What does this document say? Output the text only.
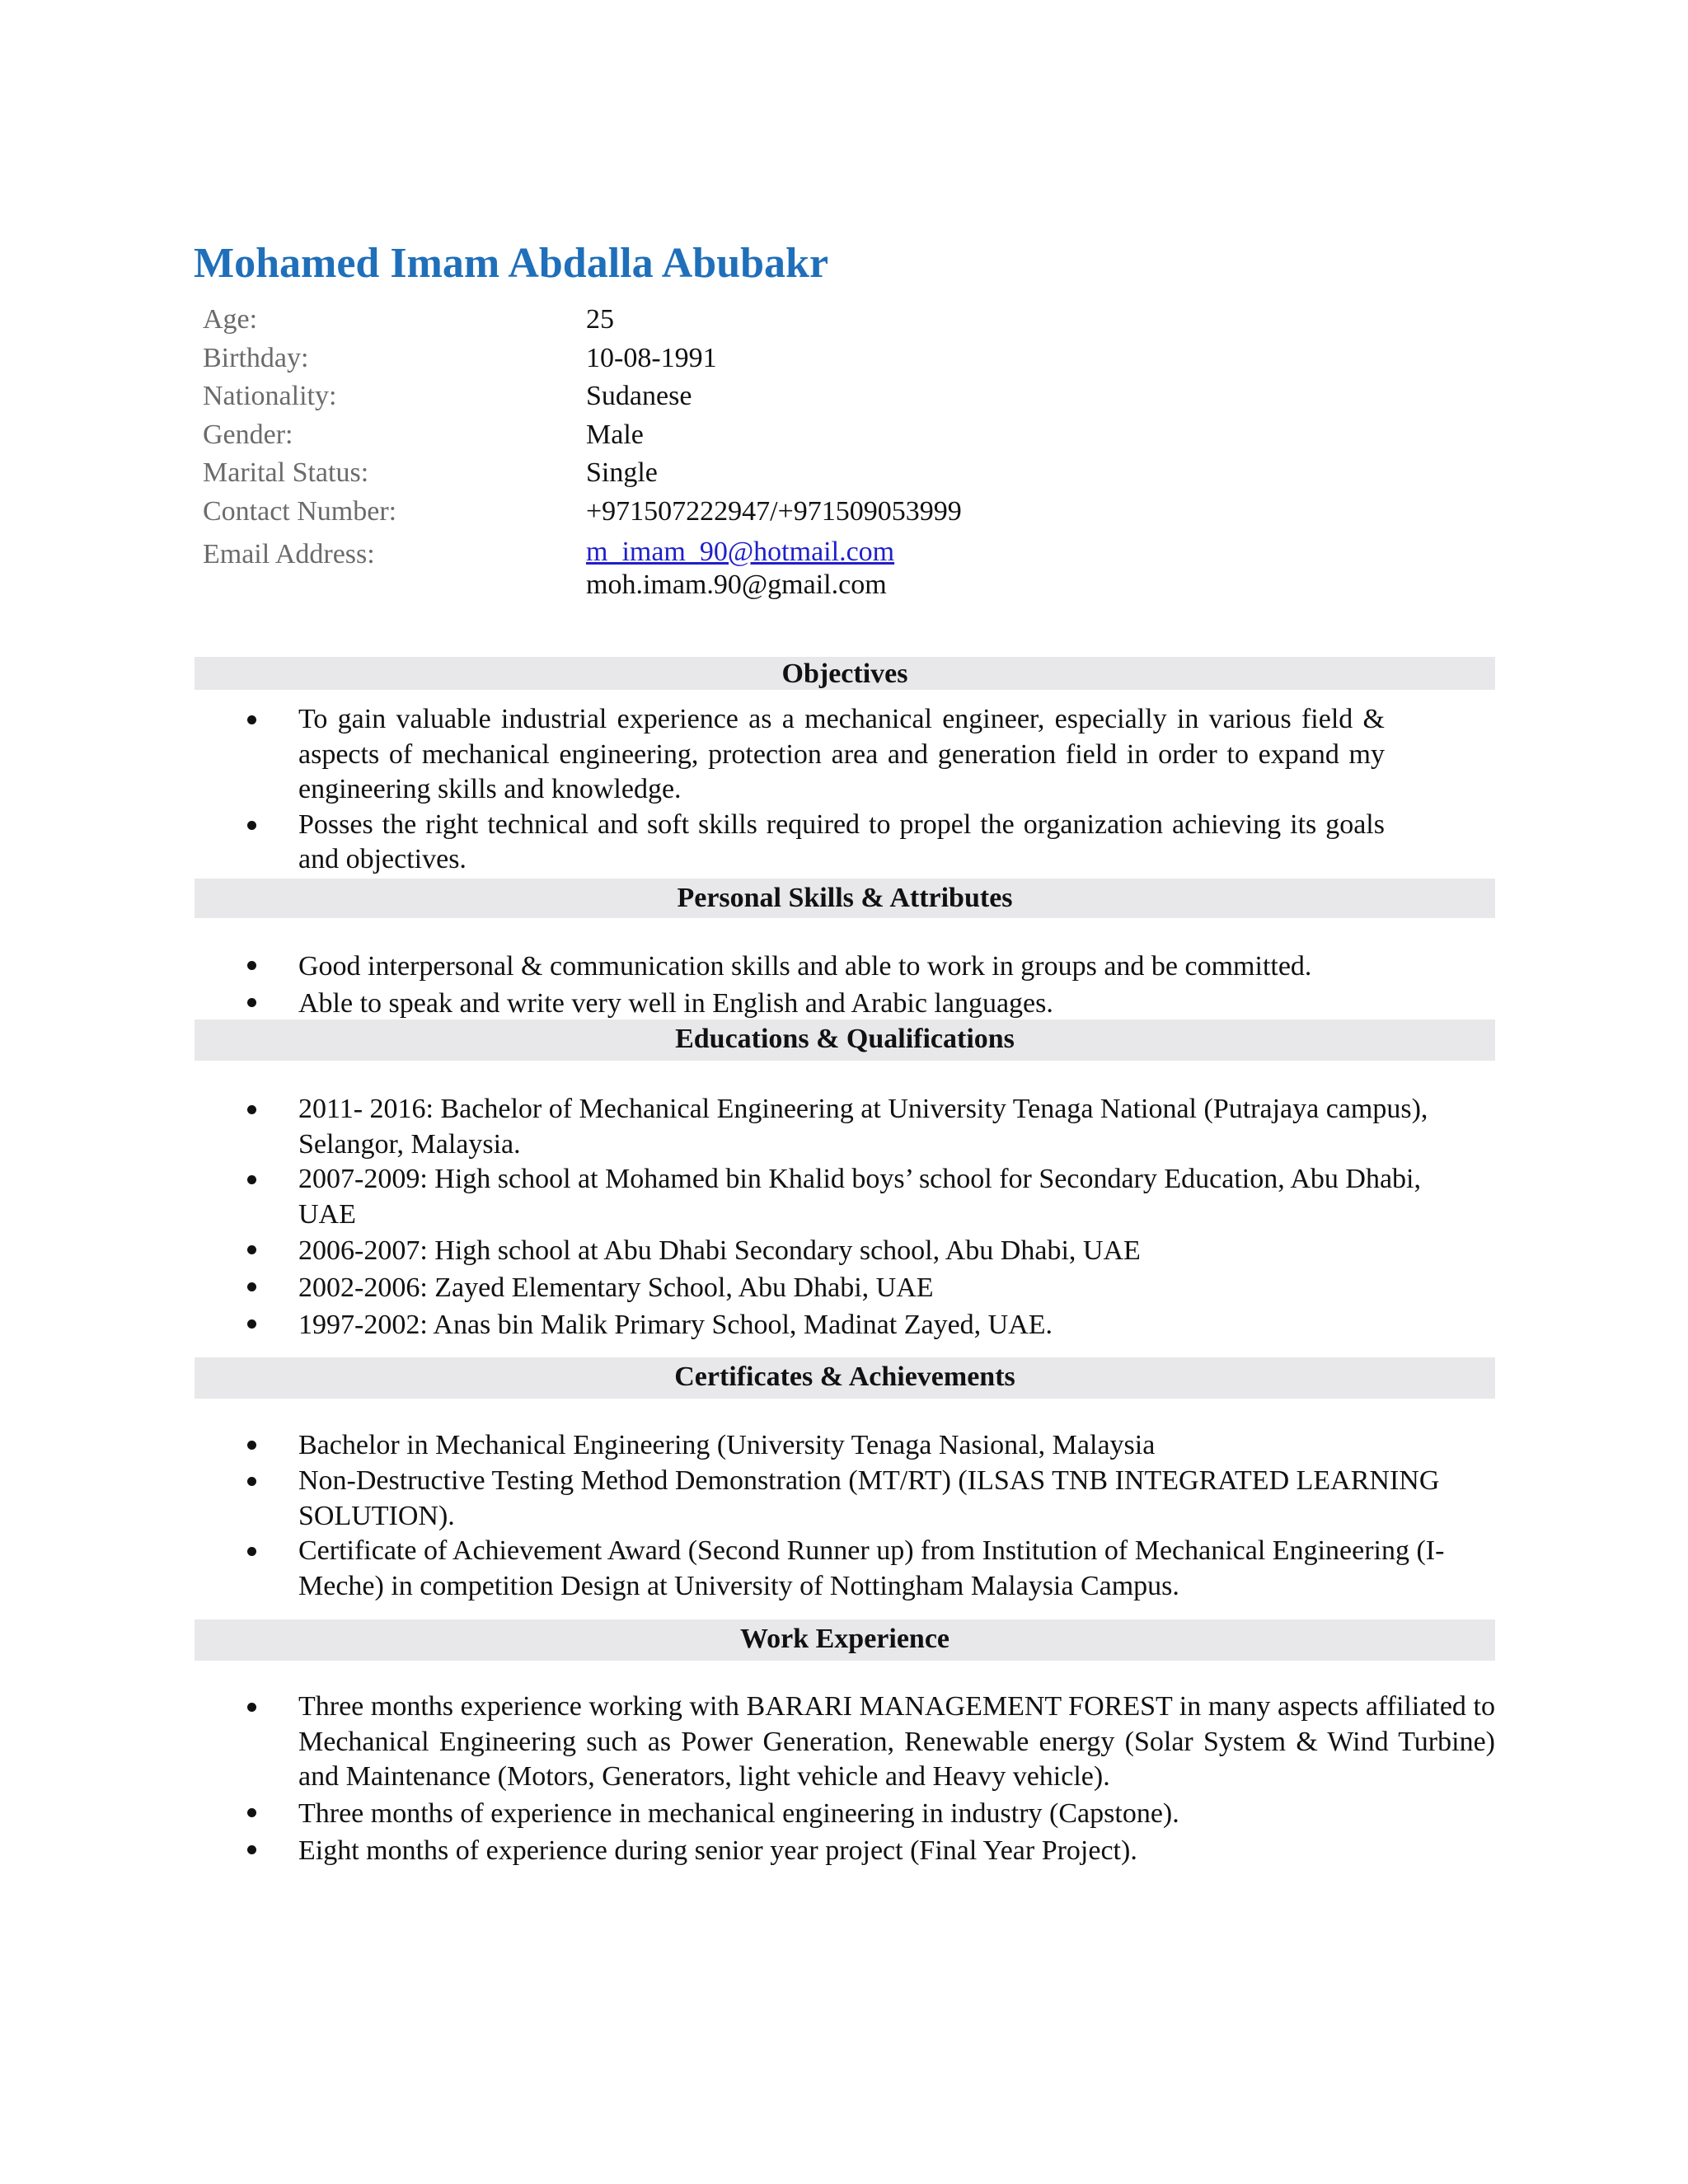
Mohamed Imam Abdalla Abubakr
Age:	25
Birthday:	10-08-1991
Nationality:	Sudanese
Gender:	Male
Marital Status:	Single
Contact Number:	+971507222947/+971509053999
Email Address:	m_imam_90@hotmail.com
moh.imam.90@gmail.com
Objectives
To gain valuable industrial experience as a mechanical engineer, especially in various field & aspects of mechanical engineering, protection area and generation field in order to expand my engineering skills and knowledge.
Posses the right technical and soft skills required to propel the organization achieving its goals and objectives.
Personal Skills & Attributes
Good interpersonal & communication skills and able to work in groups and be committed.
Able to speak and write very well in English and Arabic languages.
Educations & Qualifications
2011- 2016: Bachelor of Mechanical Engineering at University Tenaga National (Putrajaya campus), Selangor, Malaysia.
2007-2009: High school at Mohamed bin Khalid boys’ school for Secondary Education, Abu Dhabi, UAE
2006-2007: High school at Abu Dhabi Secondary school, Abu Dhabi, UAE
2002-2006: Zayed Elementary School, Abu Dhabi, UAE
1997-2002: Anas bin Malik Primary School, Madinat Zayed, UAE.
Certificates & Achievements
Bachelor in Mechanical Engineering (University Tenaga Nasional, Malaysia
Non-Destructive Testing Method Demonstration (MT/RT) (ILSAS TNB INTEGRATED LEARNING SOLUTION).
Certificate of Achievement Award (Second Runner up) from Institution of Mechanical Engineering (I-Meche) in competition Design at University of Nottingham Malaysia Campus.
Work Experience
Three months experience working with BARARI MANAGEMENT FOREST in many aspects affiliated to Mechanical Engineering such as Power Generation, Renewable energy (Solar System & Wind Turbine) and Maintenance (Motors, Generators, light vehicle and Heavy vehicle).
Three months of experience in mechanical engineering in industry (Capstone).
Eight months of experience during senior year project (Final Year Project).
